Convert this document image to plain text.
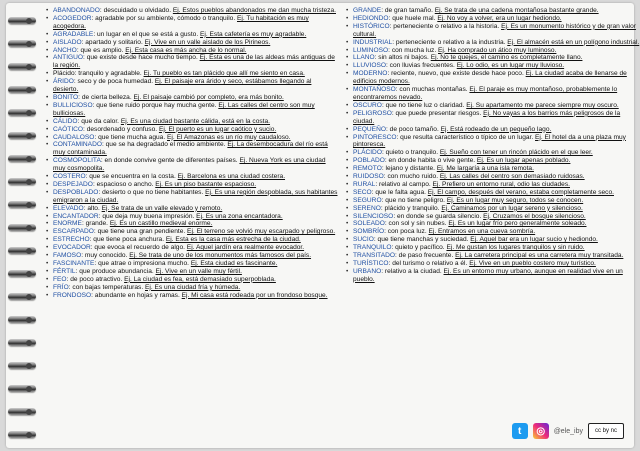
• ABANDONADO: descuidado u olvidado. Ej. Estos pueblos abandonados me dan mucha tristeza.

• ACOGEDOR: agradable por su ambiente, cómodo o tranquilo. Ej. Tu habitación es muy acogedora.

• AGRADABLE: un lugar en el que se está a gusto. Ej. Esta cafetería es muy agradable.

• AISLADO: apartado y solitario. Ej. Vive en un valle aislado de los Pirineos.

• ANCHO: que es amplio. Ej. Esta casa es más ancha de lo normal.

• ANTIGUO: que existe desde hace mucho tiempo. Ej. Esta es una de las aldeas más antiguas de la región.

• Plácido: tranquilo y agradable. Ej. Tu pueblo es tan plácido que allí me siento en casa.

• ÁRIDO: seco y de poca humedad. Ej. El paisaje era árido y seco, estábamos llegando al desierto.

• BONITO: de cierta belleza. Ej. El paisaje cambió por completo, era más bonito.

• BULLICIOSO: que tiene ruido porque hay mucha gente. Ej. Las calles del centro son muy bulliciosas.

• CÁLIDO: que da calor. Ej. Es una ciudad bastante cálida, está en la costa.

• CAÓTICO: desordenado y confuso. Ej. El puerto es un lugar caótico y sucio.

• CAUDALOSO: que tiene mucha agua. Ej. El Amazonas es un río muy caudaloso.

• CONTAMINADO: que se ha degradado el medio ambiente. Ej. La desembocadura del río está muy contaminada.

• COSMOPOLITA: en donde convive gente de diferentes países. Ej. Nueva York es una ciudad muy cosmopolita.

• COSTERO: que se encuentra en la costa. Ej. Barcelona es una ciudad costera.

• DESPEJADO: espacioso o ancho. Ej. Es un piso bastante espacioso.

• DESPOBLADO: desierto o que no tiene habitantes. Ej. Es una región despoblada, sus habitantes emigraron a la ciudad.

• ELEVADO: alto. Ej. Se trata de un valle elevado y remoto.

• ENCANTADOR: que deja muy buena impresión. Ej. Es una zona encantadora.

• ENORME: grande. Ej. Es un castillo medieval enorme.

• ESCARPADO: que tiene una gran pendiente. Ej. El terreno se volvió muy escarpado y peligroso.

• ESTRECHO: que tiene poca anchura. Ej. Esta es la casa más estrecha de la ciudad.

• EVOCADOR: que evoca el recuerdo de algo. Ej. Aquel jardín era realmente evocador.

• FAMOSO: muy conocido. Ej. Se trata de uno de los monumentos más famosos del país.

• FASCINANTE: que atrae o impresiona mucho. Ej. Esta ciudad es fascinante.

• FÉRTIL: que produce abundancia. Ej. Vive en un valle muy fértil.

• FEO: de poco atractivo. Ej. La ciudad es fea, está demasiado superpoblada.

• FRÍO: con bajas temperaturas. Ej. Es una ciudad fría y húmeda.

• FRONDOSO: abundante en hojas y ramas. Ej. Mi casa está rodeada por un frondoso bosque.

• GRANDE: de gran tamaño. Ej. Se trata de una cadena montañosa bastante grande.

• HEDIONDO: que huele mal. Ej. No voy a volver, era un lugar hediondo.

• HISTÓRICO: perteneciente o relativo a la historia. Ej. Es un monumento histórico y de gran valor cultural.

• INDUSTRIAL: perteneciente o relativo a la industria. Ej. El almacén está en un polígono industrial.

• LUMINOSO: con mucha luz. Ej. Ha comprado un ático muy luminoso.

• LLANO: sin altos ni bajos. Ej. No te quejes, el camino es completamente llano.

• LLUVIOSO: con lluvias frecuentes. Ej. Lo odio, es un lugar muy lluvioso.

• MODERNO: reciente, nuevo, que existe desde hace poco. Ej. La ciudad acaba de llenarse de edificios modernos.

• MONTAÑOSO: con muchas montañas. Ej. El paraje es muy montañoso, probablemente lo encontraremos nevado.

• OSCURO: que no tiene luz o claridad. Ej. Su apartamento me parece siempre muy oscuro.

• PELIGROSO: que puede presentar riesgos. Ej. No vayas a los barrios más peligrosos de la ciudad.

• PEQUEÑO: de poco tamaño. Ej. Está rodeado de un pequeño lago.

• PINTORESCO: que resulta característico o típico de un lugar. Ej. El hotel da a una plaza muy pintoresca.

• PLÁCIDO: quieto o tranquilo. Ej. Sueño con tener un rincón plácido en el que leer.

• POBLADO: en donde habita o vive gente. Ej. Es un lugar apenas poblado.

• REMOTO: lejano y distante. Ej. Me largaría a una isla remota.

• RUIDOSO: con mucho ruido. Ej. Las calles del centro son demasiado ruidosas.

• RURAL: relativo al campo. Ej. Prefiero un entorno rural, odio las ciudades.

• SECO: que le falta agua. Ej. El campo, después del verano, estaba completamente seco.

• SEGURO: que no tiene peligro. Ej. Es un lugar muy seguro, todos se conocen.

• SERENO: plácido y tranquilo. Ej. Caminamos por un lugar sereno y silencioso.

• SILENCIOSO: en donde se guarda silencio. Ej. Cruzamos el bosque silencioso.

• SOLEADO: con sol y sin nubes. Ej. Es un lugar frío pero generalmente soleado.

• SOMBRÍO: con poca luz. Ej. Entramos en una cueva sombría.

• SUCIO: que tiene manchas y suciedad. Ej. Aquel bar era un lugar sucio y hediondo.

• TRANQUILO: quieto y pacífico. Ej. Me gustan los lugares tranquilos y sin ruido.

• TRANSITADO: de paso frecuente. Ej. La carretera principal es una carretera muy transitada.

• TURÍSTICO: del turismo o relativo a él. Ej. Vive en un pueblo costero muy turístico.

• URBANO: relativo a la ciudad. Ej. Es un entorno muy urbano, aunque en realidad vive en un pueblo.

t	◎	@ele_iby	cc by nc
